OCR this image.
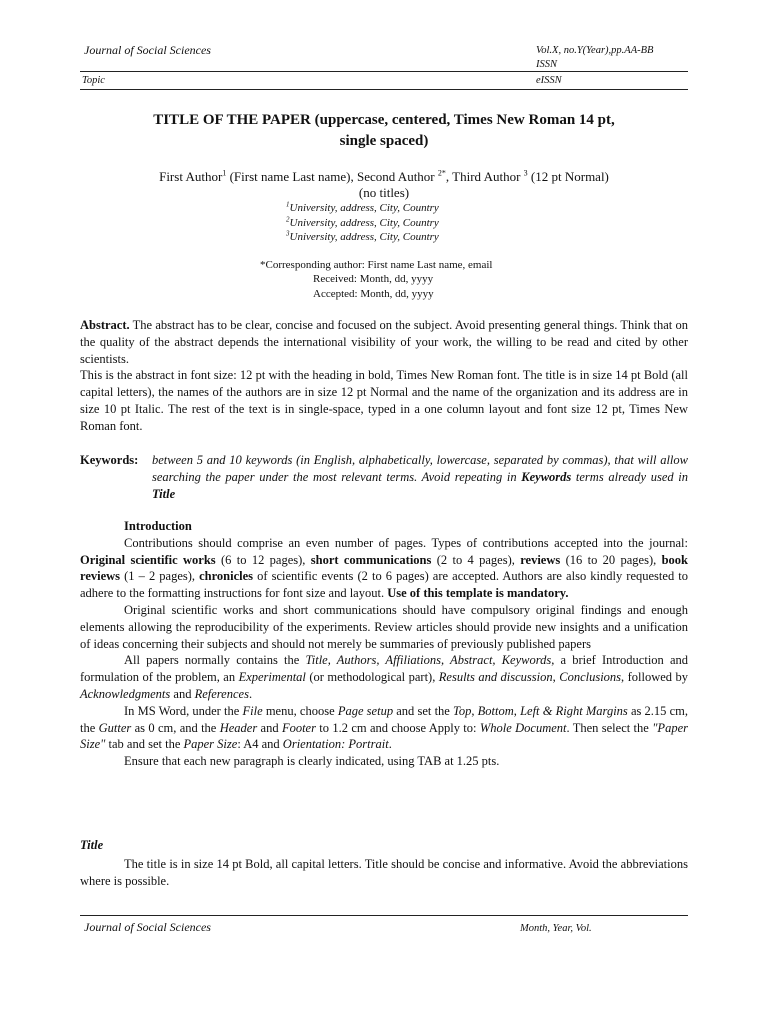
Journal of Social Sciences	Vol.X, no.Y(Year),pp.AA-BB
ISSN
Topic	eISSN
TITLE OF THE PAPER (uppercase, centered, Times New Roman 14 pt,
single spaced)
First Author$^1$ (First name Last name), Second Author $^{2*}$, Third Author $^3$ (12 pt Normal)
(no titles)
$^1$University, address, City, Country
$^2$University, address, City, Country
$^3$University, address, City, Country
*Corresponding author: First name Last name, email
Received: Month, dd, yyyy
Accepted: Month, dd, yyyy

Abstract. The abstract has to be clear, concise and focused on the subject. Avoid presenting general things. Think that on the quality of the abstract depends the international visibility of your work, the willing to be read and cited by other scientists.

This is the abstract in font size: 12 pt with the heading in bold, Times New Roman font. The title is in size 14 pt Bold (all capital letters), the names of the authors are in size 12 pt Normal and the name of the organization and its address are in size 10 pt Italic. The rest of the text is in single-space, typed in a one column layout and font size 12 pt, Times New Roman font.

Keywords: between 5 and 10 keywords (in English, alphabetically, lowercase, separated by commas), that will allow searching the paper under the most relevant terms. Avoid repeating in Keywords terms already used in Title

Introduction

Contributions should comprise an even number of pages. Types of contributions accepted into the journal: Original scientific works (6 to 12 pages), short communications (2 to 4 pages), reviews (16 to 20 pages), book reviews (1 – 2 pages), chronicles of scientific events (2 to 6 pages) are accepted. Authors are also kindly requested to adhere to the formatting instructions for font size and layout. Use of this template is mandatory.

Original scientific works and short communications should have compulsory original findings and enough elements allowing the reproducibility of the experiments. Review articles should provide new insights and a unification of ideas concerning their subjects and should not merely be summaries of previously published papers

All papers normally contains the Title, Authors, Affiliations, Abstract, Keywords, a brief Introduction and formulation of the problem, an Experimental (or methodological part), Results and discussion, Conclusions, followed by Acknowledgments and References.

In MS Word, under the File menu, choose Page setup and set the Top, Bottom, Left & Right Margins as 2.15 cm, the Gutter as 0 cm, and the Header and Footer to 1.2 cm and choose Apply to: Whole Document. Then select the "Paper Size" tab and set the Paper Size: A4 and Orientation: Portrait.

Ensure that each new paragraph is clearly indicated, using TAB at 1.25 pts.

Title

The title is in size 14 pt Bold, all capital letters. Title should be concise and informative. Avoid the abbreviations where is possible.

Journal of Social Sciences	Month, Year, Vol.
